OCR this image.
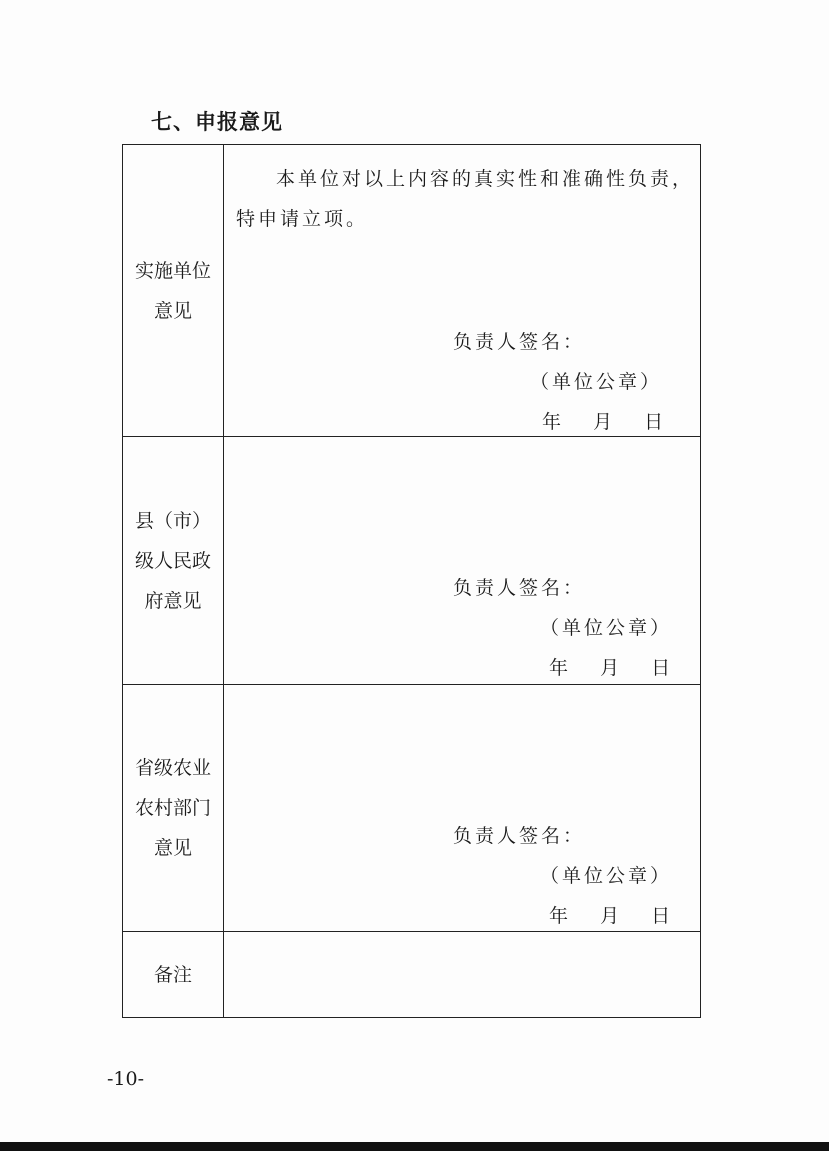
七、申报意见
实施单位
意见
本单位对以上内容的真实性和准确性负责，特申请立项。
负责人签名：
（单位公章）
年 月 日
县（市）
级人民政
府意见
负责人签名：
（单位公章）
年 月 日
省级农业
农村部门
意见
负责人签名：
（单位公章）
年 月 日
备注
-10-
